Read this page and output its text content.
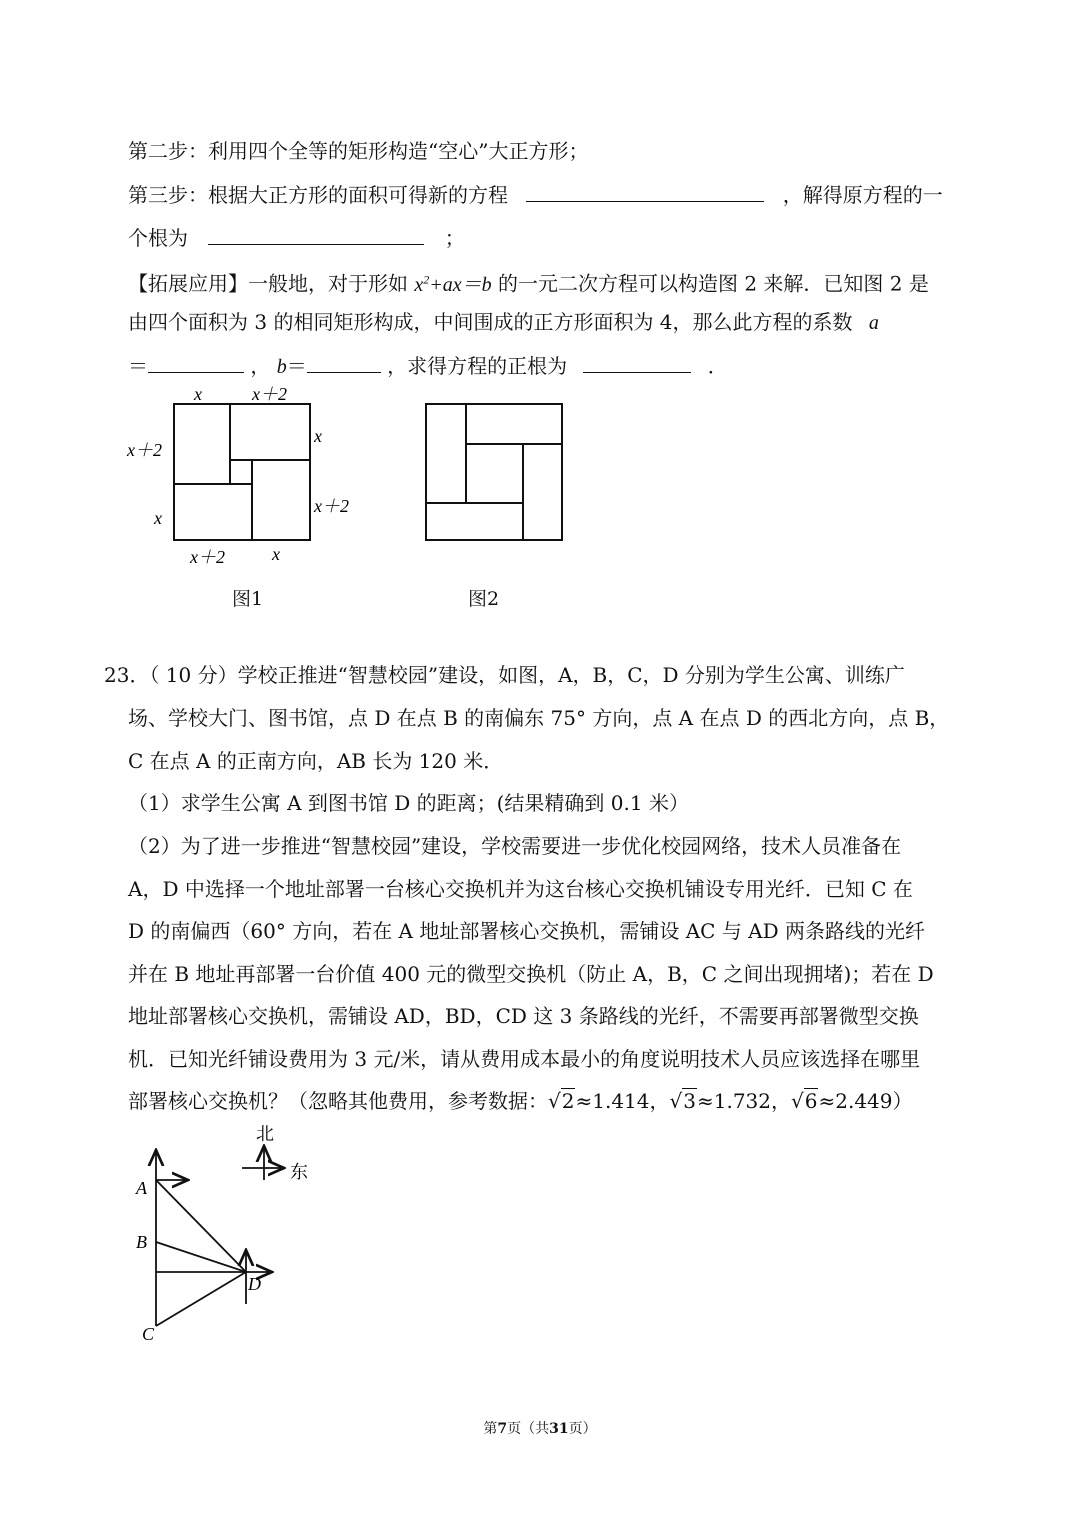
第二步：利用四个全等的矩形构造“空心”大正方形；
第三步：根据大正方形的面积可得新的方程	，解得原方程的一
个根为	；
【拓展应用】一般地，对于形如 $x^2+ax=b$ 的一元二次方程可以构造图 2 来解．已知图 2 是
由四个面积为 3 的相同矩形构成，中间围成的正方形面积为 4，那么此方程的系数 a
＝	， b＝	，求得方程的正根为	．
x	x＋2
x＋2
x
x
x＋2
x＋2	x
图1	图2
23．（ 10 分）学校正推进“智慧校园”建设，如图，A，B，C，D 分别为学生公寓、训练广
场、学校大门、图书馆，点 D 在点 B 的南偏东 75° 方向，点 A 在点 D 的西北方向，点 B，
C 在点 A 的正南方向，AB 长为 120 米．
（1）求学生公寓 A 到图书馆 D 的距离；(结果精确到 0.1 米）
（2）为了进一步推进“智慧校园”建设，学校需要进一步优化校园网络，技术人员准备在
A，D 中选择一个地址部署一台核心交换机并为这台核心交换机铺设专用光纤．已知 C 在
D 的南偏西（60° 方向，若在 A 地址部署核心交换机，需铺设 AC 与 AD 两条路线的光纤
并在 B 地址再部署一台价值 400 元的微型交换机（防止 A，B，C 之间出现拥堵)；若在 D
地址部署核心交换机，需铺设 AD，BD，CD 这 3 条路线的光纤，不需要再部署微型交换
机．已知光纤铺设费用为 3 元/米，请从费用成本最小的角度说明技术人员应该选择在哪里
部署核心交换机？（忽略其他费用，参考数据：√2≈1.414，√3≈1.732，√6≈2.449）
北
东
A
B
C
D
第7页（共31页）
